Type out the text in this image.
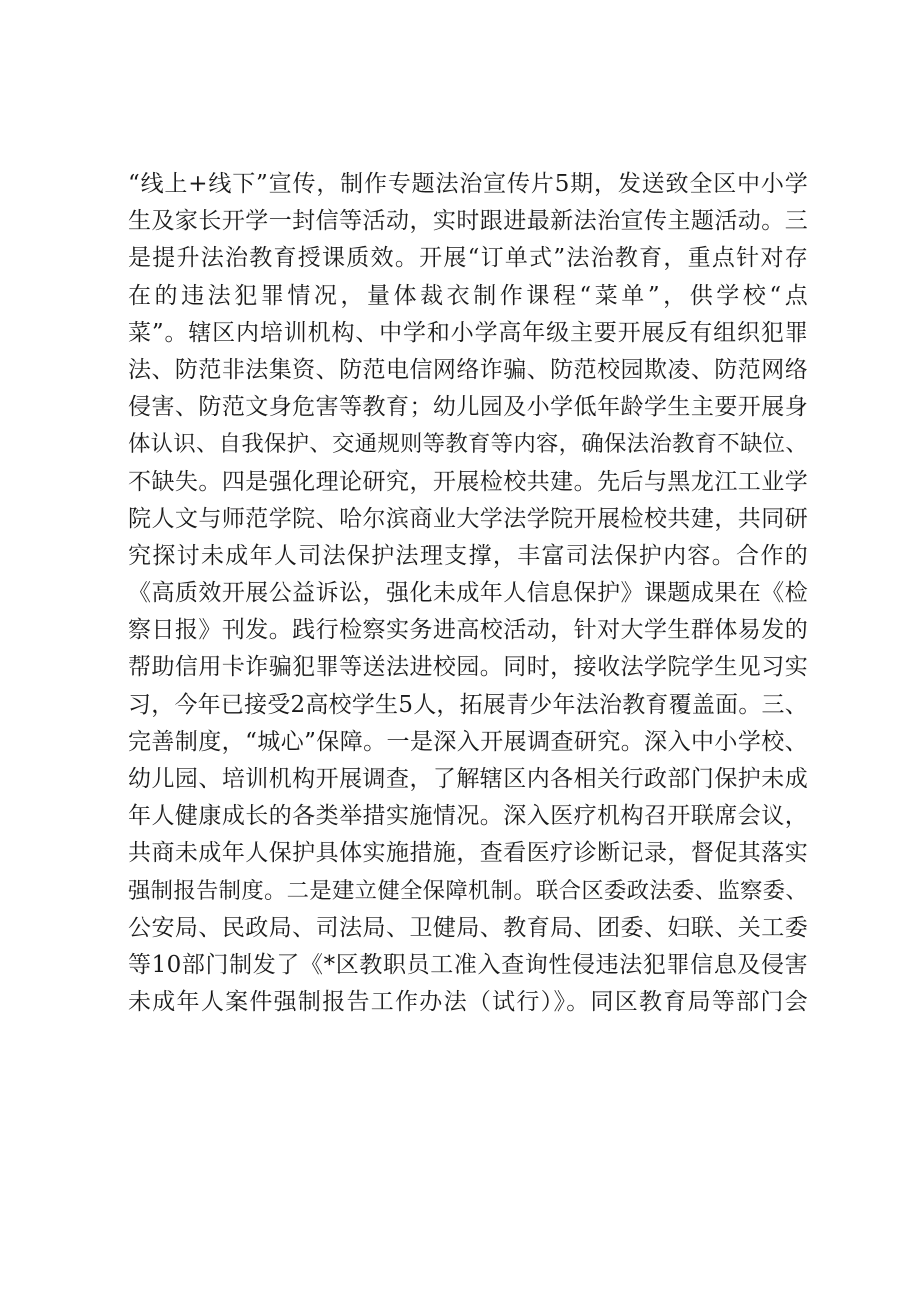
“线上+线下”宣传，制作专题法治宣传片5期，发送致全区中小学
生及家长开学一封信等活动，实时跟进最新法治宣传主题活动。三
是提升法治教育授课质效。开展“订单式”法治教育，重点针对存
在的违法犯罪情况，量体裁衣制作课程“菜单”，供学校“点
菜”。辖区内培训机构、中学和小学高年级主要开展反有组织犯罪
法、防范非法集资、防范电信网络诈骗、防范校园欺凌、防范网络
侵害、防范文身危害等教育；幼儿园及小学低年龄学生主要开展身
体认识、自我保护、交通规则等教育等内容，确保法治教育不缺位、
不缺失。四是强化理论研究，开展检校共建。先后与黑龙江工业学
院人文与师范学院、哈尔滨商业大学法学院开展检校共建，共同研
究探讨未成年人司法保护法理支撑，丰富司法保护内容。合作的
《高质效开展公益诉讼，强化未成年人信息保护》课题成果在《检
察日报》刊发。践行检察实务进高校活动，针对大学生群体易发的
帮助信用卡诈骗犯罪等送法进校园。同时，接收法学院学生见习实
习，今年已接受2高校学生5人，拓展青少年法治教育覆盖面。三、
完善制度，“城心”保障。一是深入开展调查研究。深入中小学校、
幼儿园、培训机构开展调查，了解辖区内各相关行政部门保护未成
年人健康成长的各类举措实施情况。深入医疗机构召开联席会议，
共商未成年人保护具体实施措施，查看医疗诊断记录，督促其落实
强制报告制度。二是建立健全保障机制。联合区委政法委、监察委、
公安局、民政局、司法局、卫健局、教育局、团委、妇联、关工委
等10部门制发了《*区教职员工准入查询性侵违法犯罪信息及侵害
未成年人案件强制报告工作办法（试行）》。同区教育局等部门会
